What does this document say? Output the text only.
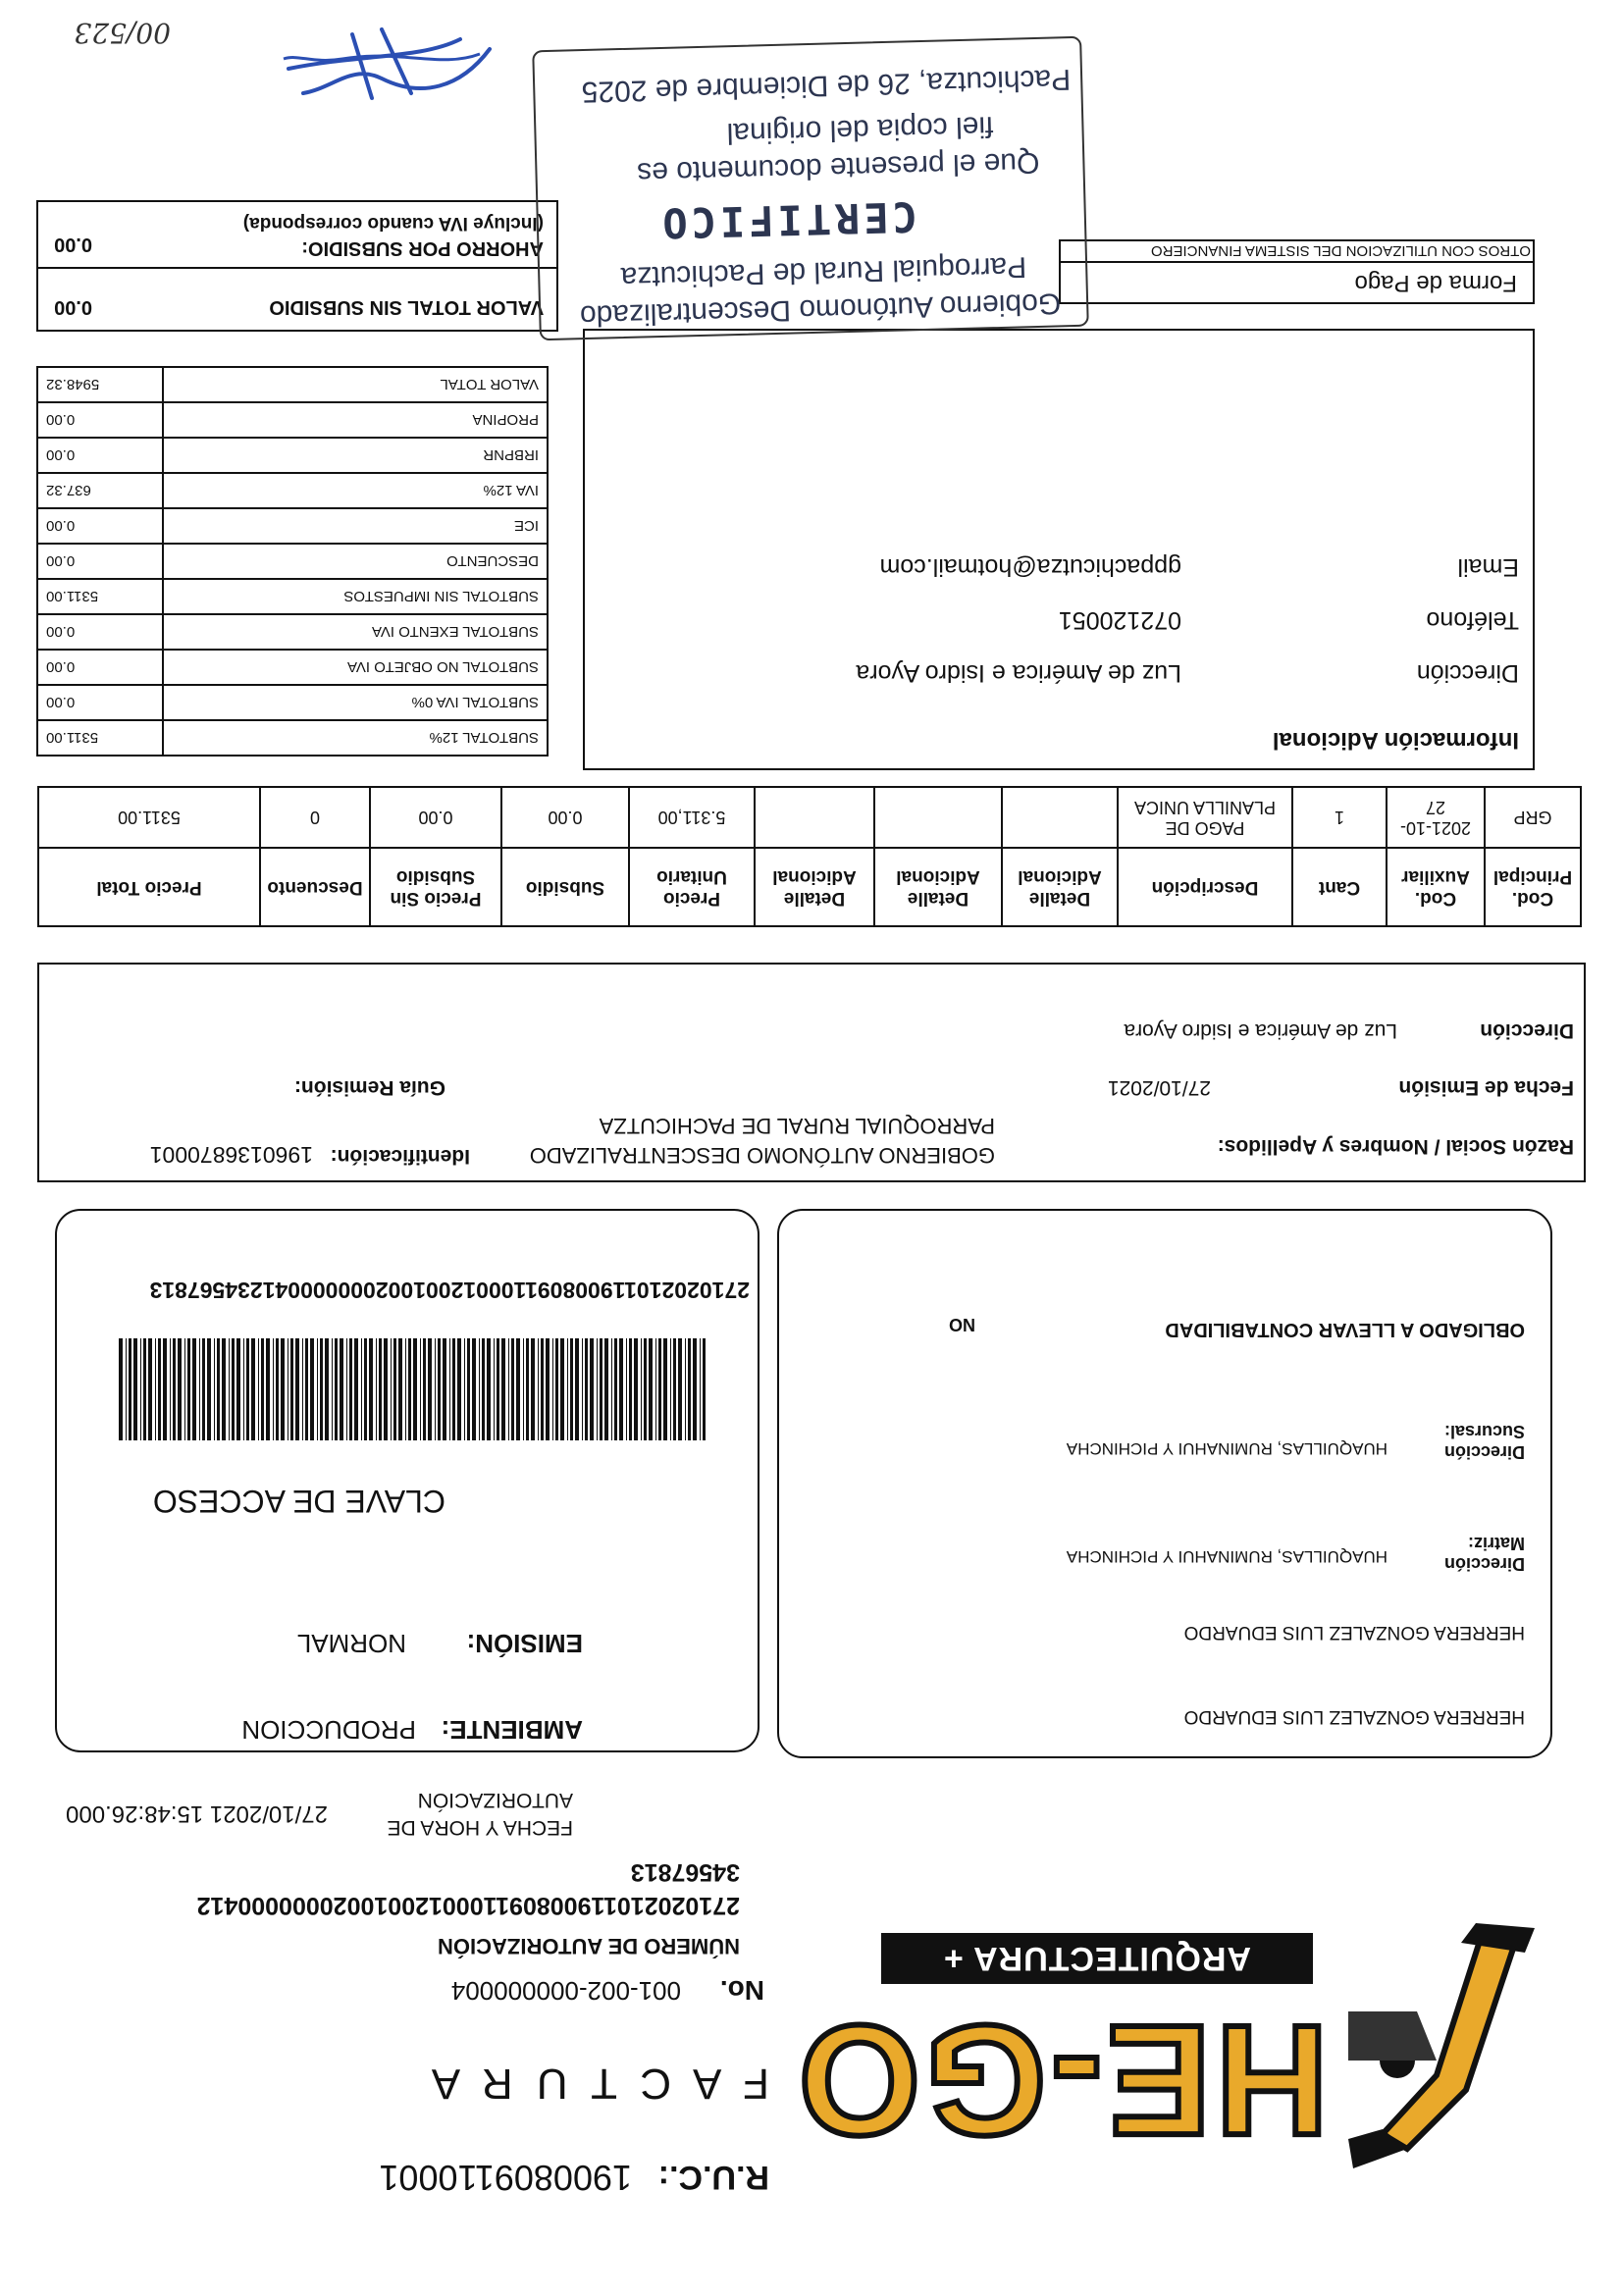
HE-GO
ARQUITECTURA + INGENIERIA
R.U.C.:
1900809110001
F A C T U R A
No.
001-002-000000004
NÚMERO DE AUTORIZACIÓN
2710202101190080911000120010020000000412
34567813
FECHA Y HORA DE
AUTORIZACIÓN
27/10/2021 15:48:26.000
AMBIENTE:
PRODUCCION
EMISIÓN:
NORMAL
HERRERA GONZALEZ LUIS EDUARDO
HERRERA GONZALEZ LUIS EDUARDO
Dirección Matriz:
HUAQUILLAS, RUMINAHUI Y PICHINCHA
Dirección Sucursal:
HUAQUILLAS, RUMINAHUI Y PICHINCHA
OBLIGADO A LLEVAR CONTABILIDAD
NO
CLAVE DE ACCESO
2710202101190080911000120010020000000412345678​13
Razón Social / Nombres y Apellidos:
GOBIERNO AUTÓNOMO DESCENTRALIZADO
PARROQUIAL RURAL DE PACHICUTZA
Identificación:
1960136870001
Fecha de Emisión
27/10/2021
Guía Remisión:
Dirección
Luz de América e Isidro Ayora
Cod. Principal	Cod. Auxiliar	Cant	Descripción	Detalle Adicional	Detalle Adicional	Detalle Adicional	Precio Unitario	Subsidio	Precio Sin Subsidio	Descuento	Precio Total
GRP	2021-10-27	1	PAGO DE PLANILLA UNICA				5.311,00	0.00	0.00	0	5311.00
Información Adicional
Dirección
Luz de América e Isidro Ayora
Teléfono
072120051
Email
gppachicutza@hotmail.com
SUBTOTAL 12%	5311.00
SUBTOTAL IVA 0%	0.00
SUBTOTAL NO OBJETO IVA	0.00
SUBTOTAL EXENTO IVA	0.00
SUBTOTAL SIN IMPUESTOS	5311.00
DESCUENTO	0.00
ICE	0.00
IVA 12%	637.32
IRBPNR	0.00
PROPINA	0.00
VALOR TOTAL	5948.32
Forma de Pago
OTROS CON UTILIZACION DEL SISTEMA FINANCIERO
VALOR TOTAL SIN SUBSIDIO
0.00
AHORRO POR SUBSIDIO:
(Incluye IVA cuando corresponda)
0.00
Gobierno Autónomo Descentralizado
Parroquial Rural de Pachicutza
CERTIFICO
Que el presente documento es
fiel copia del original
Pachicutza, 26 de Diciembre de 2025
00/523
